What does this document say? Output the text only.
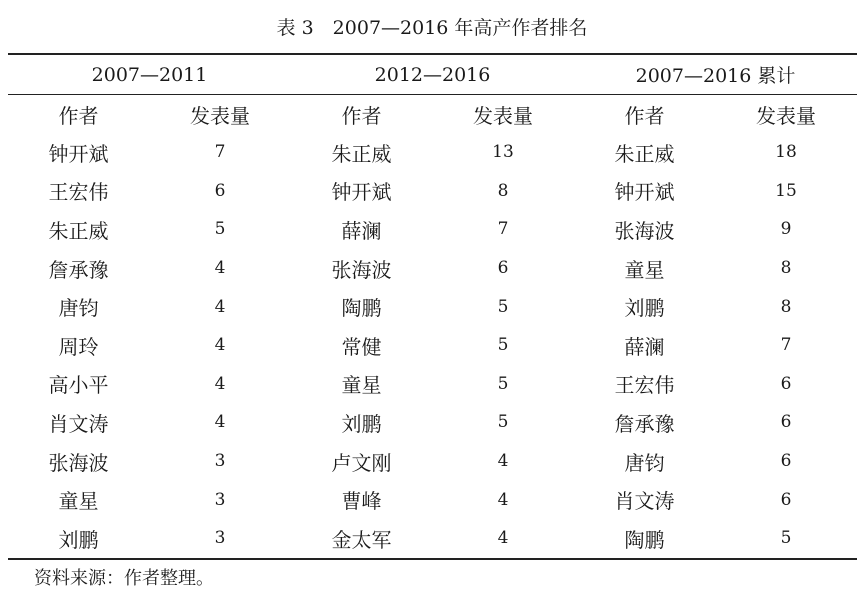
表 3　2007—2016 年高产作者排名
2007—2011		2012—2016		2007—2016 累计	
作者	发表量	作者	发表量	作者	发表量
钟开斌	7	朱正威	13	朱正威	18
王宏伟	6	钟开斌	8	钟开斌	15
朱正威	5	薛澜	7	张海波	9
詹承豫	4	张海波	6	童星	8
唐钧	4	陶鹏	5	刘鹏	8
周玲	4	常健	5	薛澜	7
高小平	4	童星	5	王宏伟	6
肖文涛	4	刘鹏	5	詹承豫	6
张海波	3	卢文刚	4	唐钧	6
童星	3	曹峰	4	肖文涛	6
刘鹏	3	金太军	4	陶鹏	5
资料来源：作者整理。
